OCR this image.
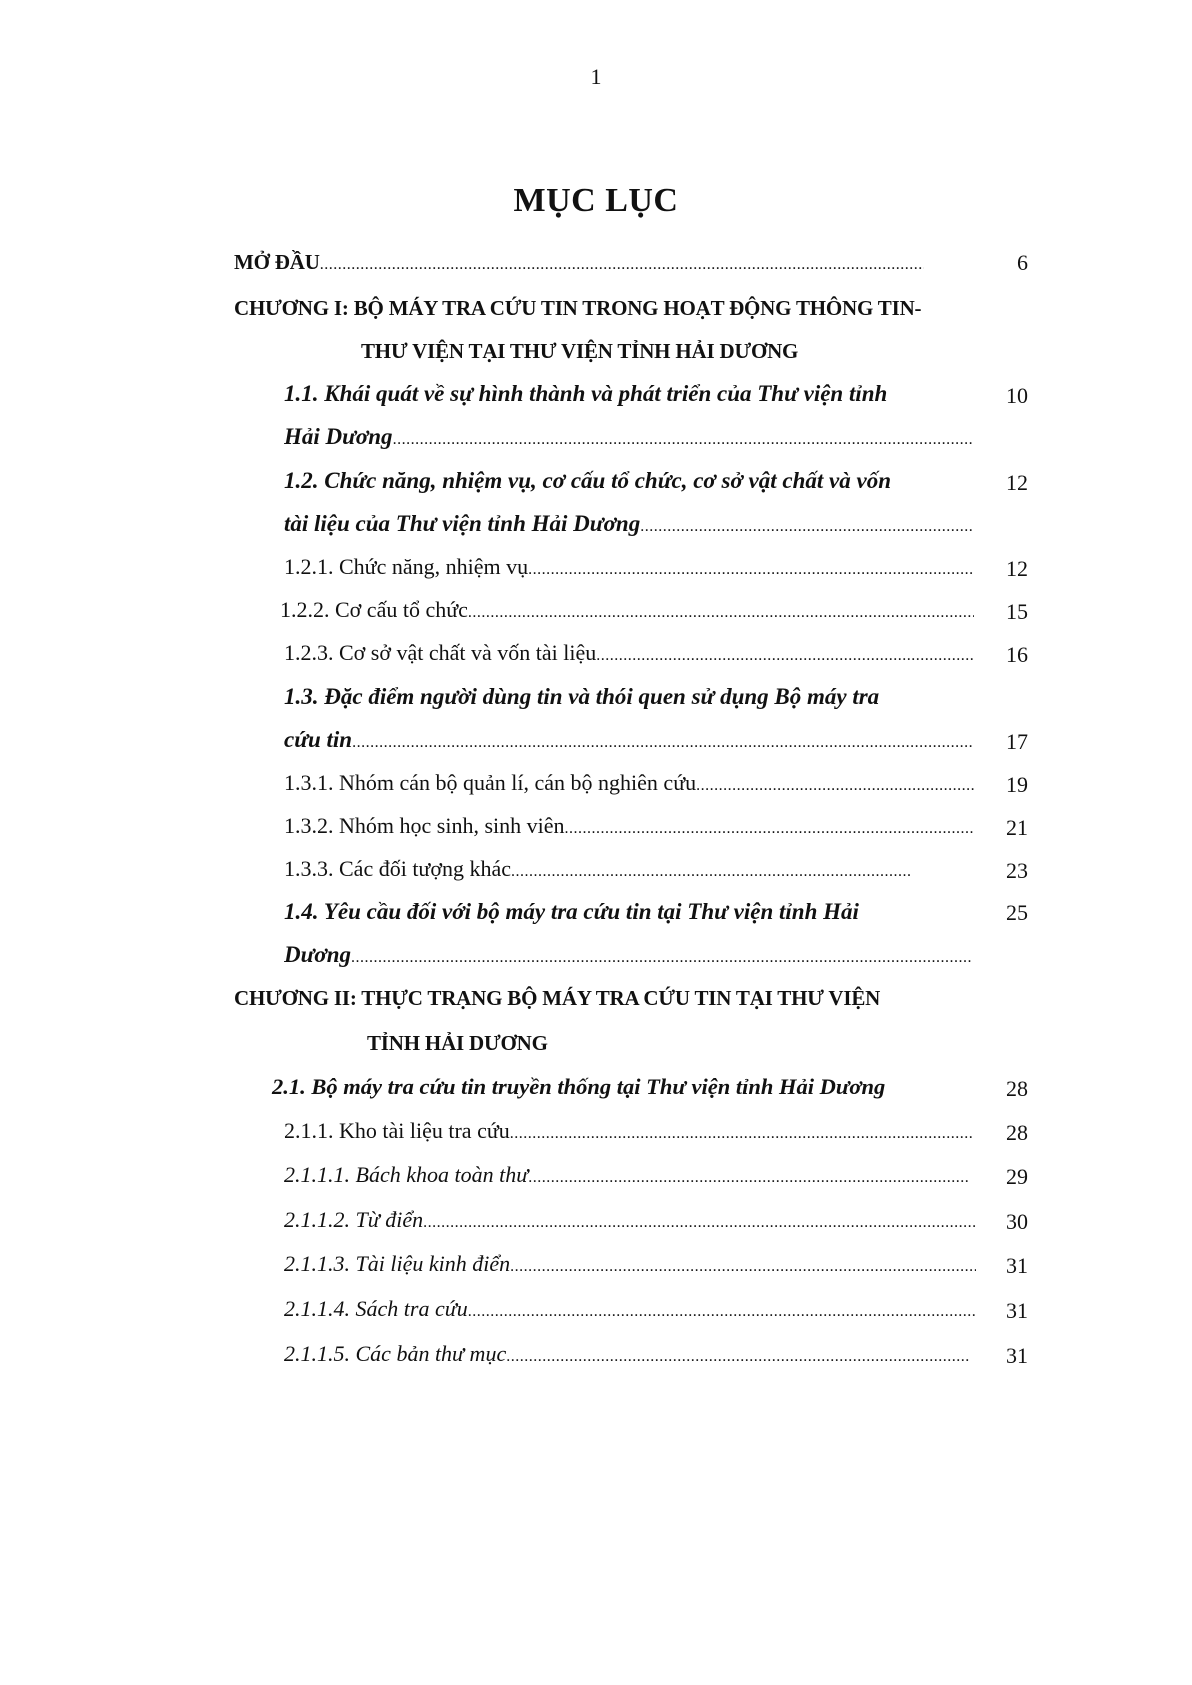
1
MỤC LỤC
MỞ ĐẦU .....	6
CHƯƠNG I: BỘ MÁY TRA CỨU TIN TRONG HOẠT ĐỘNG THÔNG TIN-
THƯ VIỆN TẠI THƯ VIỆN TỈNH HẢI DƯƠNG
1.1. Khái quát về sự hình thành và phát triển của Thư viện tỉnh	10
Hải Dương
.....
1.2. Chức năng, nhiệm vụ, cơ cấu tổ chức, cơ sở vật chất và vốn	12
tài liệu của Thư viện tỉnh Hải Dương
.....
1.2.1. Chức năng, nhiệm vụ .....	12
1.2.2. Cơ cấu tổ chức .....	15
1.2.3. Cơ sở vật chất và vốn tài liệu .....	16
1.3. Đặc điểm người dùng tin và thói quen sử dụng Bộ máy tra
cứu tin .....	17
1.3.1. Nhóm cán bộ quản lí, cán bộ nghiên cứu .....	19
1.3.2. Nhóm học sinh, sinh viên .....	21
1.3.3. Các đối tượng khác .....	23
1.4. Yêu cầu đối với bộ máy tra cứu tin tại Thư viện tỉnh Hải	25
Dương
.....
CHƯƠNG II: THỰC TRẠNG BỘ MÁY TRA CỨU TIN TẠI THƯ VIỆN
TỈNH HẢI DƯƠNG
2.1. Bộ máy tra cứu tin truyền thống tại Thư viện tỉnh Hải Dương	28
2.1.1. Kho tài liệu tra cứu .....	28
2.1.1.1. Bách khoa toàn thư .....	29
2.1.1.2. Từ điển .....	30
2.1.1.3. Tài liệu kinh điển .....	31
2.1.1.4. Sách tra cứu .....	31
2.1.1.5. Các bản thư mục .....	31
